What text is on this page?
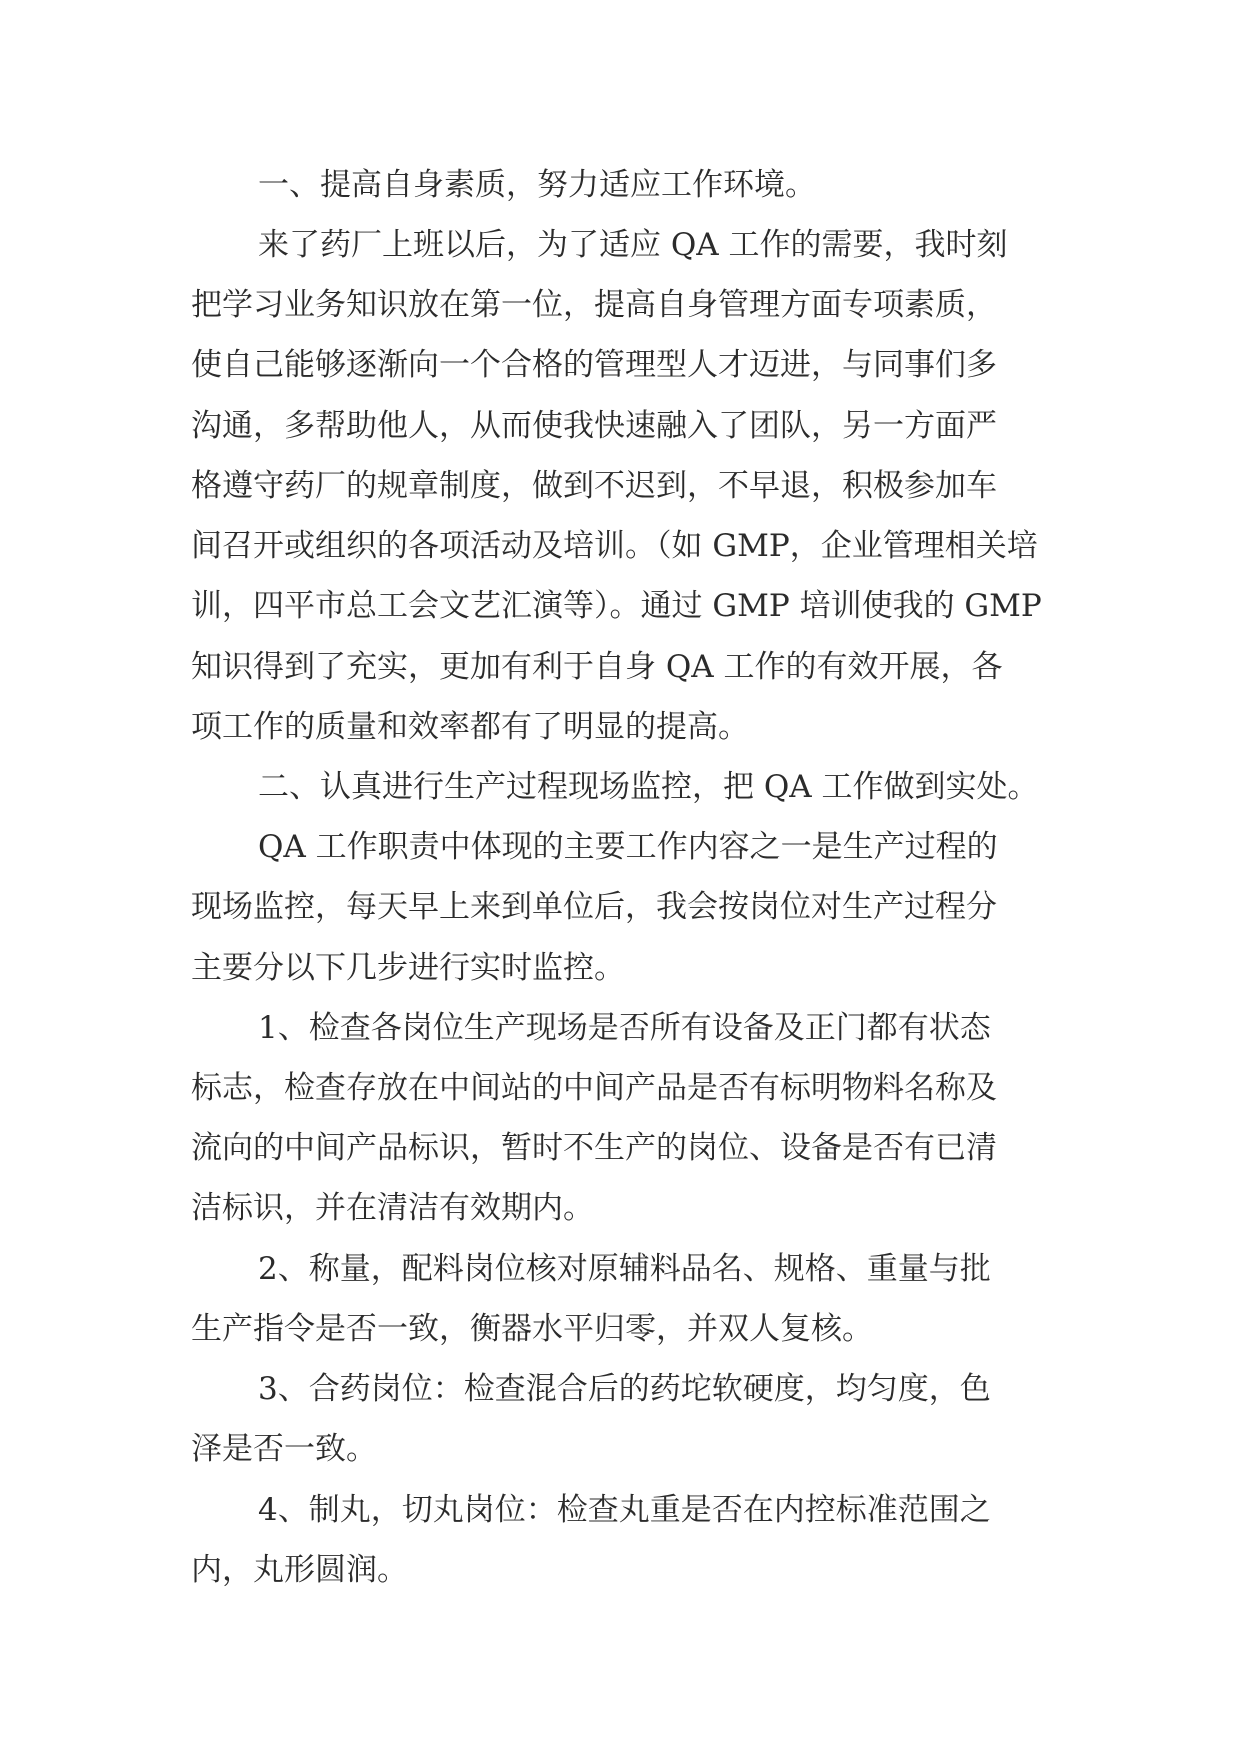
一、提高自身素质，努力适应工作环境。
来了药厂上班以后，为了适应 QA 工作的需要，我时刻
把学习业务知识放在第一位，提高自身管理方面专项素质，
使自己能够逐渐向一个合格的管理型人才迈进，与同事们多
沟通，多帮助他人，从而使我快速融入了团队，另一方面严
格遵守药厂的规章制度，做到不迟到，不早退，积极参加车
间召开或组织的各项活动及培训。（如 GMP，企业管理相关培
训，四平市总工会文艺汇演等）。通过 GMP 培训使我的 GMP
知识得到了充实，更加有利于自身 QA 工作的有效开展，各
项工作的质量和效率都有了明显的提高。
二、认真进行生产过程现场监控，把 QA 工作做到实处。
QA 工作职责中体现的主要工作内容之一是生产过程的
现场监控，每天早上来到单位后，我会按岗位对生产过程分
主要分以下几步进行实时监控。
1、检查各岗位生产现场是否所有设备及正门都有状态
标志，检查存放在中间站的中间产品是否有标明物料名称及
流向的中间产品标识，暂时不生产的岗位、设备是否有已清
洁标识，并在清洁有效期内。
2、称量，配料岗位核对原辅料品名、规格、重量与批
生产指令是否一致，衡器水平归零，并双人复核。
3、合药岗位：检查混合后的药坨软硬度，均匀度，色
泽是否一致。
4、制丸，切丸岗位：检查丸重是否在内控标准范围之
内，丸形圆润。
